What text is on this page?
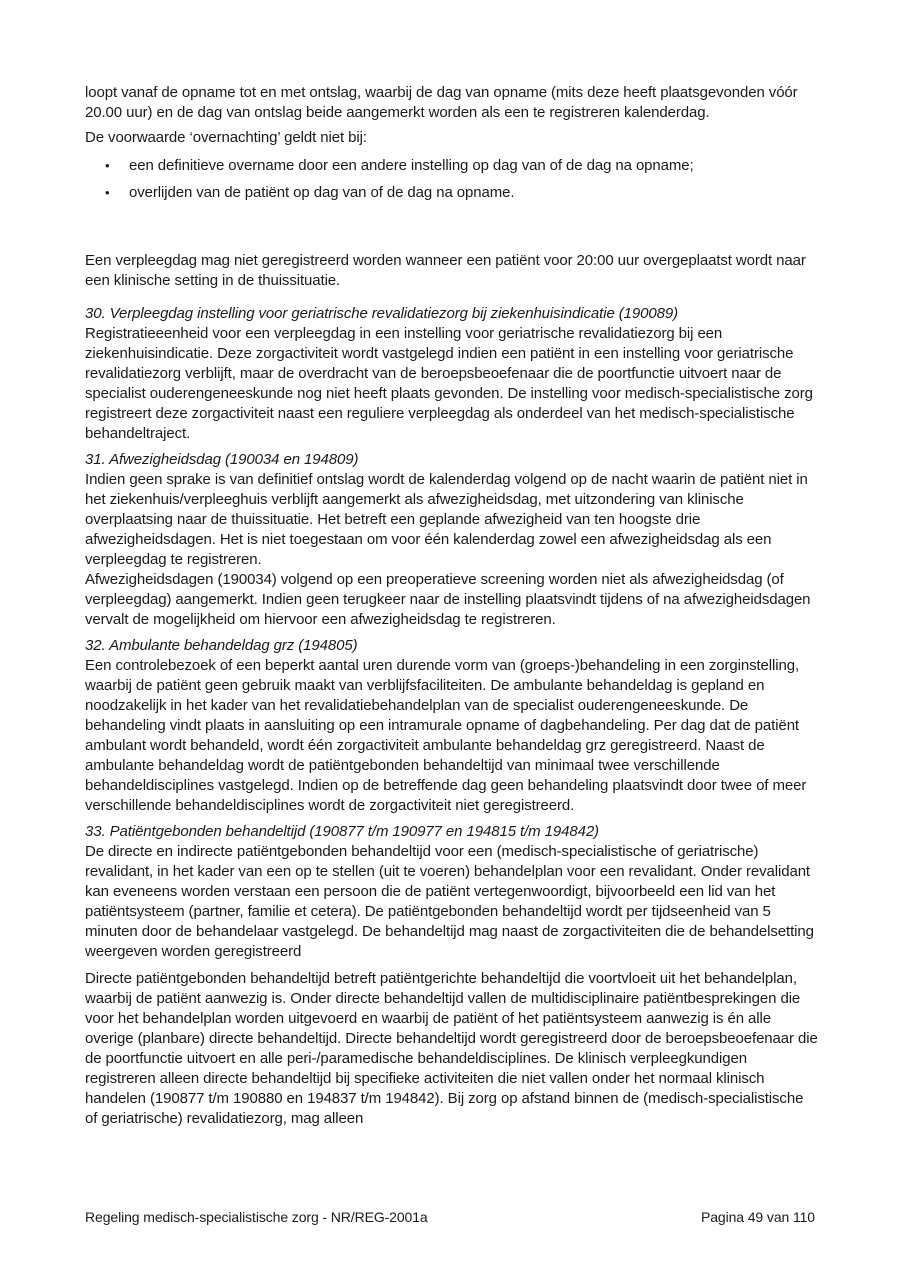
loopt vanaf de opname tot en met ontslag, waarbij de dag van opname (mits deze heeft plaatsgevonden vóór 20.00 uur) en de dag van ontslag beide aangemerkt worden als een te registreren kalenderdag.

De voorwaarde ‘overnachting’ geldt niet bij:

• een definitieve overname door een andere instelling op dag van of de dag na opname;
• overlijden van de patiënt op dag van of de dag na opname.

Een verpleegdag mag niet geregistreerd worden wanneer een patiënt voor 20:00 uur overgeplaatst wordt naar een klinische setting in de thuissituatie.

30. Verpleegdag instelling voor geriatrische revalidatiezorg bij ziekenhuisindicatie (190089)

Registratieeenheid voor een verpleegdag in een instelling voor geriatrische revalidatiezorg bij een ziekenhuisindicatie. Deze zorgactiviteit wordt vastgelegd indien een patiënt in een instelling voor geriatrische revalidatiezorg verblijft, maar de overdracht van de beroepsbeoefenaar die de poortfunctie uitvoert naar de specialist ouderengeneeskunde nog niet heeft plaats gevonden. De instelling voor medisch-specialistische zorg registreert deze zorgactiviteit naast een reguliere verpleegdag als onderdeel van het medisch-specialistische behandeltraject.

31. Afwezigheidsdag (190034 en 194809)

Indien geen sprake is van definitief ontslag wordt de kalenderdag volgend op de nacht waarin de patiënt niet in het ziekenhuis/verpleeghuis verblijft aangemerkt als afwezigheidsdag, met uitzondering van klinische overplaatsing naar de thuissituatie. Het betreft een geplande afwezigheid van ten hoogste drie afwezigheidsdagen. Het is niet toegestaan om voor één kalenderdag zowel een afwezigheidsdag als een verpleegdag te registreren.

Afwezigheidsdagen (190034) volgend op een preoperatieve screening worden niet als afwezigheidsdag (of verpleegdag) aangemerkt. Indien geen terugkeer naar de instelling plaatsvindt tijdens of na afwezigheidsdagen vervalt de mogelijkheid om hiervoor een afwezigheidsdag te registreren.

32. Ambulante behandeldag grz (194805)

Een controlebezoek of een beperkt aantal uren durende vorm van (groeps-)behandeling in een zorginstelling, waarbij de patiënt geen gebruik maakt van verblijfsfaciliteiten. De ambulante behandeldag is gepland en noodzakelijk in het kader van het revalidatiebehandelplan van de specialist ouderengeneeskunde. De behandeling vindt plaats in aansluiting op een intramurale opname of dagbehandeling. Per dag dat de patiënt ambulant wordt behandeld, wordt één zorgactiviteit ambulante behandeldag grz geregistreerd. Naast de ambulante behandeldag wordt de patiëntgebonden behandeltijd van minimaal twee verschillende behandeldisciplines vastgelegd. Indien op de betreffende dag geen behandeling plaatsvindt door twee of meer verschillende behandeldisciplines wordt de zorgactiviteit niet geregistreerd.

33. Patiëntgebonden behandeltijd (190877 t/m 190977 en 194815 t/m 194842)

De directe en indirecte patiëntgebonden behandeltijd voor een (medisch-specialistische of geriatrische) revalidant, in het kader van een op te stellen (uit te voeren) behandelplan voor een revalidant. Onder revalidant kan eveneens worden verstaan een persoon die de patiënt vertegenwoordigt, bijvoorbeeld een lid van het patiëntsysteem (partner, familie et cetera). De patiëntgebonden behandeltijd wordt per tijdseenheid van 5 minuten door de behandelaar vastgelegd. De behandeltijd mag naast de zorgactiviteiten die de behandelsetting weergeven worden geregistreerd

Directe patiëntgebonden behandeltijd betreft patiëntgerichte behandeltijd die voortvloeit uit het behandelplan, waarbij de patiënt aanwezig is. Onder directe behandeltijd vallen de multidisciplinaire patiëntbesprekingen die voor het behandelplan worden uitgevoerd en waarbij de patiënt of het patiëntsysteem aanwezig is én alle overige (planbare) directe behandeltijd. Directe behandeltijd wordt geregistreerd door de beroepsbeoefenaar die de poortfunctie uitvoert en alle peri-/paramedische behandeldisciplines. De klinisch verpleegkundigen registreren alleen directe behandeltijd bij specifieke activiteiten die niet vallen onder het normaal klinisch handelen (190877 t/m 190880 en 194837 t/m 194842). Bij zorg op afstand binnen de (medisch-specialistische of geriatrische) revalidatiezorg, mag alleen

Regeling medisch-specialistische zorg - NR/REG-2001a	Pagina 49 van 110
